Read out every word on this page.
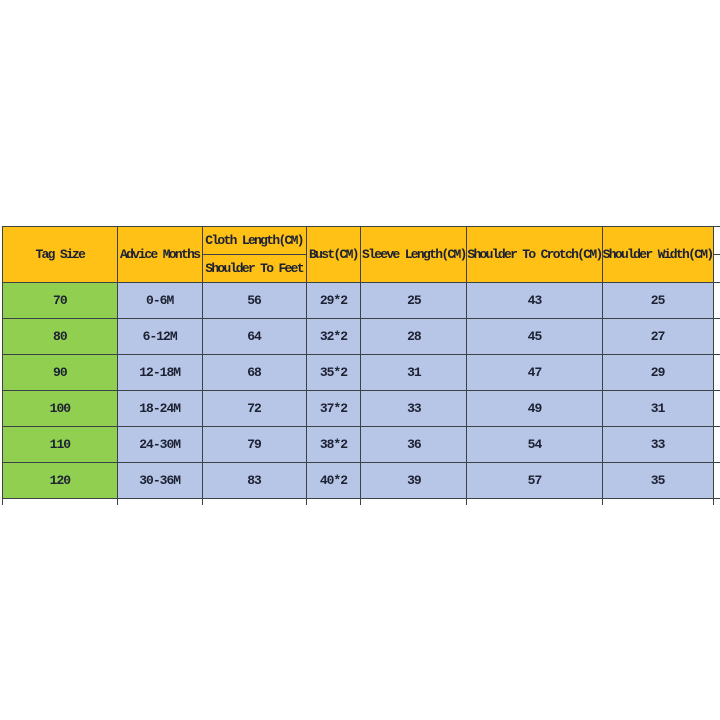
Tag Size	Advice Months	Cloth Length(CM)	Bust(CM)	Sleeve Length(CM)	Shoulder To Crotch(CM)	Shoulder Width(CM)	
		Shoulder To Feet					
70	0-6M	56	29*2	25	43	25	
80	6-12M	64	32*2	28	45	27	
90	12-18M	68	35*2	31	47	29	
100	18-24M	72	37*2	33	49	31	
110	24-30M	79	38*2	36	54	33	
120	30-36M	83	40*2	39	57	35	
